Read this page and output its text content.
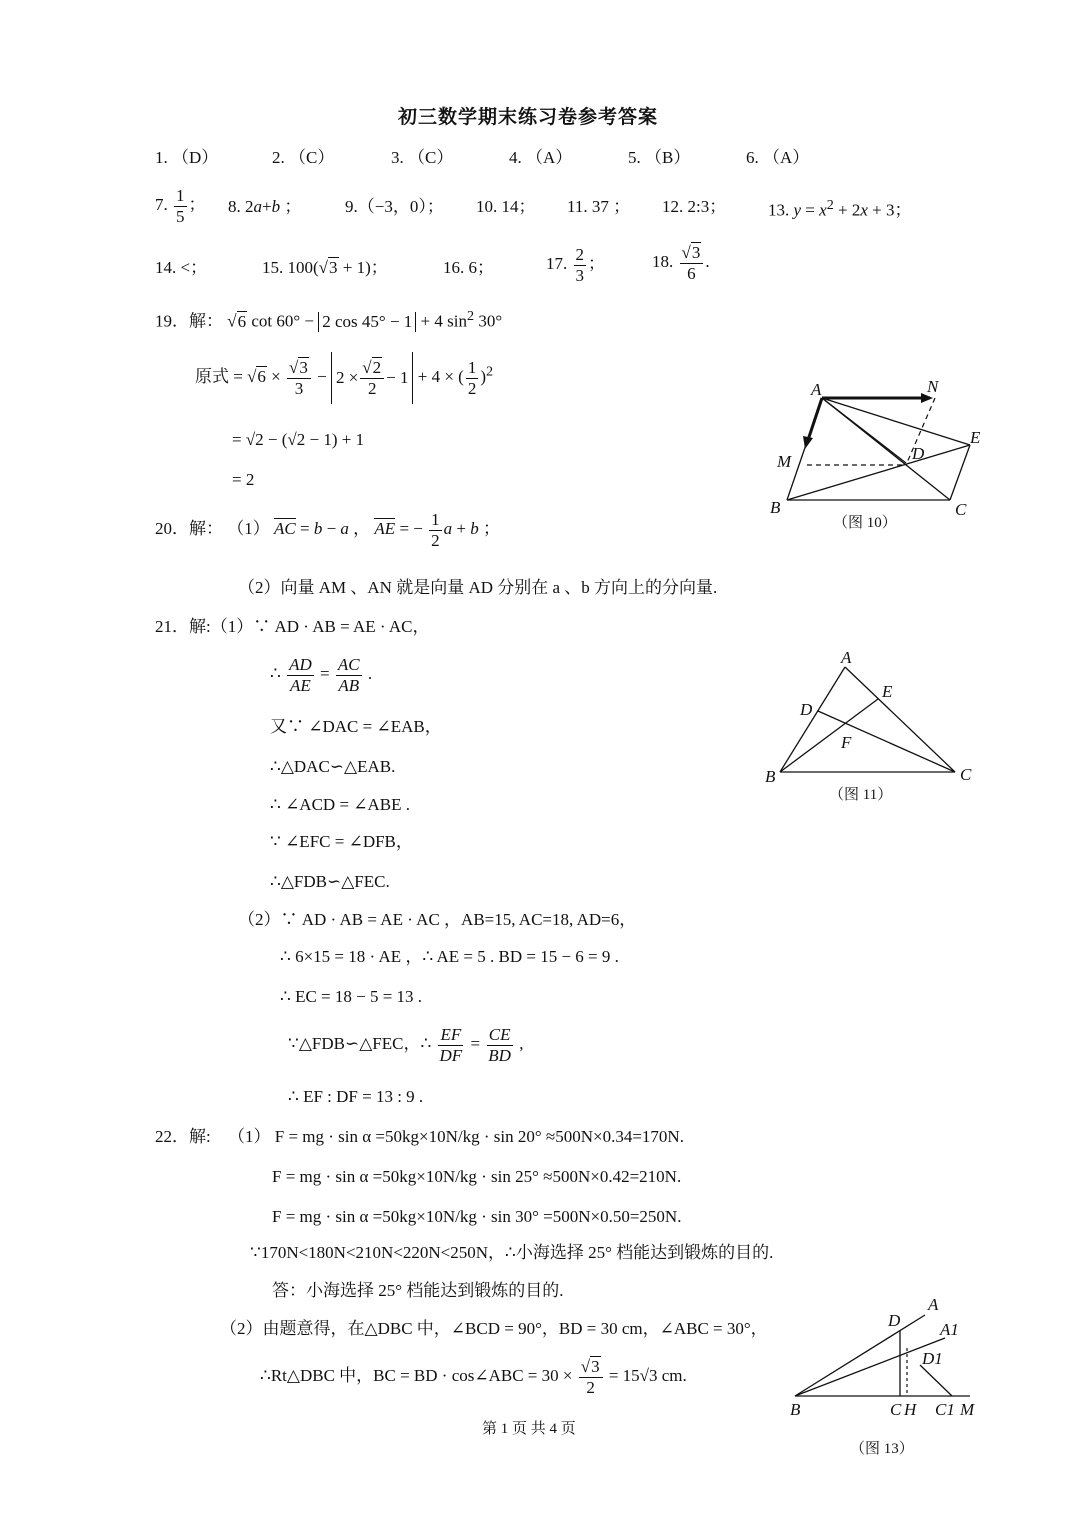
初三数学期末练习卷参考答案
1. （D）	2. （C）	3. （C）	4. （A）	5. （B）	6. （A）
7. $\frac{1}{5}$ ； 8. 2a+b ；	9.（−3，0）； 10. 14； 11. 37 ； 12. 2:3； 13. $y = x^2 + 2x + 3$；
14. <；	15. 100(√3 + 1)；	16. 6；	17. $\frac{2}{3}$ ；	18. $\frac{√3}{6}$ .
19．解： √6 cot 60° − 2 cos 45° − 1 + 4 $\sin^2 30^\circ$
原式 = $√6 \times \frac{√3}{3} - 2$ ×
√2
2
− 1 + 4 × ( $\frac{1}{2} )^2$
= √2 − (√2 − 1) + 1
= 2
A	N
E
M	D
B	C
（图 10）
20．解： （1） AC = b − a ， AE = − $\frac{1}{2}$ a + b ；
（2）向量 AM 、AN 就是向量 AD 分别在 a 、b 方向上的分向量.
21．解:（1）∵ AD · AB = AE · AC，
∴ $\frac{AD}{AE} = \frac{AC}{AB}$ .
又∵ ∠DAC = ∠EAB，
∴△DAC∽△EAB.
∴ ∠ACD = ∠ABE .
∵ ∠EFC = ∠DFB，
∴△FDB∽△FEC.
A
E
D
F
B	C
（图 11）
（2）∵ AD · AB = AE · AC ，AB=15, AC=18, AD=6，
∴ 6×15 = 18 · AE ，∴ AE = 5 . BD = 15 − 6 = 9 .
∴ EC = 18 − 5 = 13 .
∵△FDB∽△FEC，∴ $\frac{EF}{DF} = \frac{CE}{BD}$ ,
∴ EF : DF = 13 : 9 .
22．解: （1） F = mg · sin α =50kg×10N/kg · sin 20° ≈500N×0.34=170N.
F = mg · sin α =50kg×10N/kg · sin 25° ≈500N×0.42=210N.
F = mg · sin α =50kg×10N/kg · sin 30° =500N×0.50=250N.
∵170N<180N<210N<220N<250N，∴小海选择 25° 档能达到锻炼的目的.
答：小海选择 25° 档能达到锻炼的目的.
（2）由题意得，在△DBC 中，∠BCD = 90°，BD = 30 cm，∠ABC = 30°，
∴Rt△DBC 中，BC = BD · cos∠ABC = $30 \times \frac{√3}{2} = 15√3$ cm.
A
D A1
D1
B	C H C1 M
（图 13）
第 1 页 共 4 页
